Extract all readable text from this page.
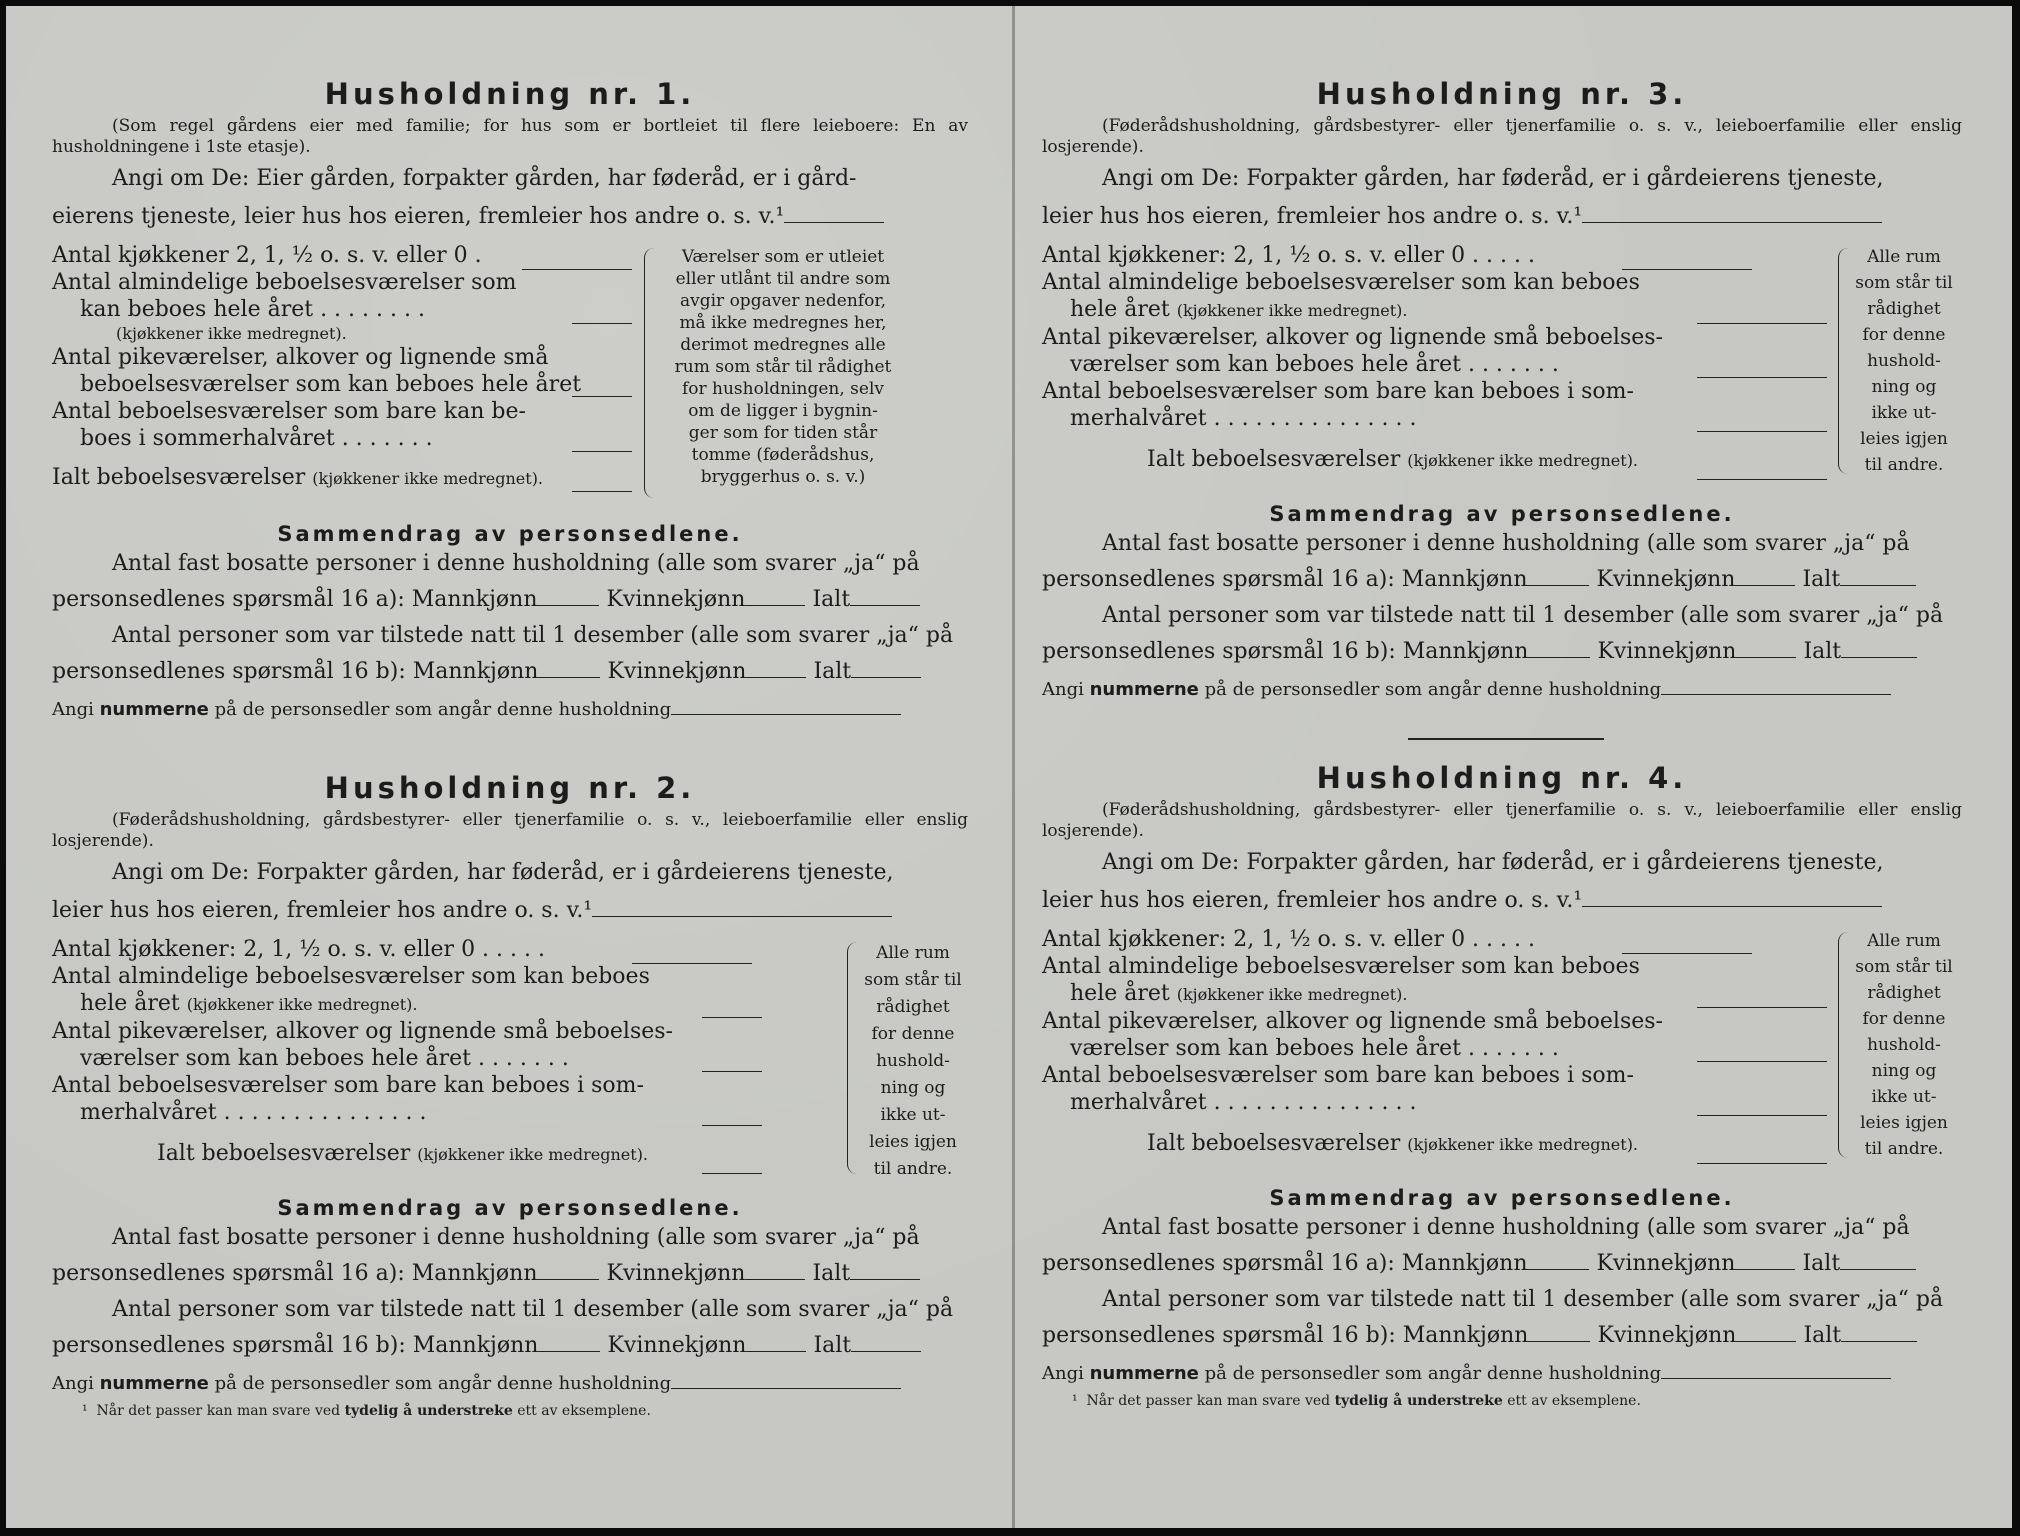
Husholdning nr. 1.

(Som regel gårdens eier med familie; for hus som er bortleiet til flere leieboere: En av husholdningene i 1ste etasje).

Angi om De: Eier gården, forpakter gården, har føderåd, er i gård-

eierens tjeneste, leier hus hos eieren, fremleier hos andre o. s. v.¹

Antal kjøkkener 2, 1, ½ o. s. v. eller 0 .
Antal almindelige beboelsesværelser som
kan beboes hele året . . . . . . . .
(kjøkkener ikke medregnet).
Antal pikeværelser, alkover og lignende små
beboelsesværelser som kan beboes hele året
Antal beboelsesværelser som bare kan be-
boes i sommerhalvåret . . . . . . .
Ialt beboelsesværelser (kjøkkener ikke medregnet).
Værelser som er utleiet
eller utlånt til andre som
avgir opgaver nedenfor,
må ikke medregnes her,
derimot medregnes alle
rum som står til rådighet
for husholdningen, selv
om de ligger i bygnin-
ger som for tiden står
tomme (føderådshus,
bryggerhus o. s. v.)
Sammendrag av personsedlene.

Antal fast bosatte personer i denne husholdning (alle som svarer „ja“ på

personsedlenes spørsmål 16 a): Mannkjønn	Kvinnekjønn	Ialt

Antal personer som var tilstede natt til 1 desember (alle som svarer „ja“ på

personsedlenes spørsmål 16 b): Mannkjønn	Kvinnekjønn	Ialt

Angi nummerne på de personsedler som angår denne husholdning
Husholdning nr. 2.

(Føderådshusholdning, gårdsbestyrer- eller tjenerfamilie o. s. v., leieboerfamilie eller enslig losjerende).

Angi om De: Forpakter gården, har føderåd, er i gårdeierens tjeneste,

leier hus hos eieren, fremleier hos andre o. s. v.¹

Antal kjøkkener: 2, 1, ½ o. s. v. eller 0 . . . . .
Antal almindelige beboelsesværelser som kan beboes
hele året (kjøkkener ikke medregnet).
Antal pikeværelser, alkover og lignende små beboelses-
værelser som kan beboes hele året . . . . . . .
Antal beboelsesværelser som bare kan beboes i som-
merhalvåret . . . . . . . . . . . . . . .
Ialt beboelsesværelser (kjøkkener ikke medregnet).
Alle rum
som står til
rådighet
for denne
hushold-
ning og
ikke ut-
leies igjen
til andre.
Sammendrag av personsedlene.

Antal fast bosatte personer i denne husholdning (alle som svarer „ja“ på

personsedlenes spørsmål 16 a): Mannkjønn	Kvinnekjønn	Ialt

Antal personer som var tilstede natt til 1 desember (alle som svarer „ja“ på

personsedlenes spørsmål 16 b): Mannkjønn	Kvinnekjønn	Ialt

Angi nummerne på de personsedler som angår denne husholdning
¹ Når det passer kan man svare ved tydelig å understreke ett av eksemplene.
Husholdning nr. 3.

(Føderådshusholdning, gårdsbestyrer- eller tjenerfamilie o. s. v., leieboerfamilie eller enslig losjerende).

Angi om De: Forpakter gården, har føderåd, er i gårdeierens tjeneste,

leier hus hos eieren, fremleier hos andre o. s. v.¹

Antal kjøkkener: 2, 1, ½ o. s. v. eller 0 . . . . .
Antal almindelige beboelsesværelser som kan beboes
hele året (kjøkkener ikke medregnet).
Antal pikeværelser, alkover og lignende små beboelses-
værelser som kan beboes hele året . . . . . . .
Antal beboelsesværelser som bare kan beboes i som-
merhalvåret . . . . . . . . . . . . . . .
Ialt beboelsesværelser (kjøkkener ikke medregnet).
Alle rum
som står til
rådighet
for denne
hushold-
ning og
ikke ut-
leies igjen
til andre.
Sammendrag av personsedlene.

Antal fast bosatte personer i denne husholdning (alle som svarer „ja“ på

personsedlenes spørsmål 16 a): Mannkjønn	Kvinnekjønn	Ialt

Antal personer som var tilstede natt til 1 desember (alle som svarer „ja“ på

personsedlenes spørsmål 16 b): Mannkjønn	Kvinnekjønn	Ialt

Angi nummerne på de personsedler som angår denne husholdning
Husholdning nr. 4.

(Føderådshusholdning, gårdsbestyrer- eller tjenerfamilie o. s. v., leieboerfamilie eller enslig losjerende).

Angi om De: Forpakter gården, har føderåd, er i gårdeierens tjeneste,

leier hus hos eieren, fremleier hos andre o. s. v.¹

Antal kjøkkener: 2, 1, ½ o. s. v. eller 0 . . . . .
Antal almindelige beboelsesværelser som kan beboes
hele året (kjøkkener ikke medregnet).
Antal pikeværelser, alkover og lignende små beboelses-
værelser som kan beboes hele året . . . . . . .
Antal beboelsesværelser som bare kan beboes i som-
merhalvåret . . . . . . . . . . . . . . .
Ialt beboelsesværelser (kjøkkener ikke medregnet).
Alle rum
som står til
rådighet
for denne
hushold-
ning og
ikke ut-
leies igjen
til andre.
Sammendrag av personsedlene.

Antal fast bosatte personer i denne husholdning (alle som svarer „ja“ på

personsedlenes spørsmål 16 a): Mannkjønn	Kvinnekjønn	Ialt

Antal personer som var tilstede natt til 1 desember (alle som svarer „ja“ på

personsedlenes spørsmål 16 b): Mannkjønn	Kvinnekjønn	Ialt

Angi nummerne på de personsedler som angår denne husholdning
¹ Når det passer kan man svare ved tydelig å understreke ett av eksemplene.
